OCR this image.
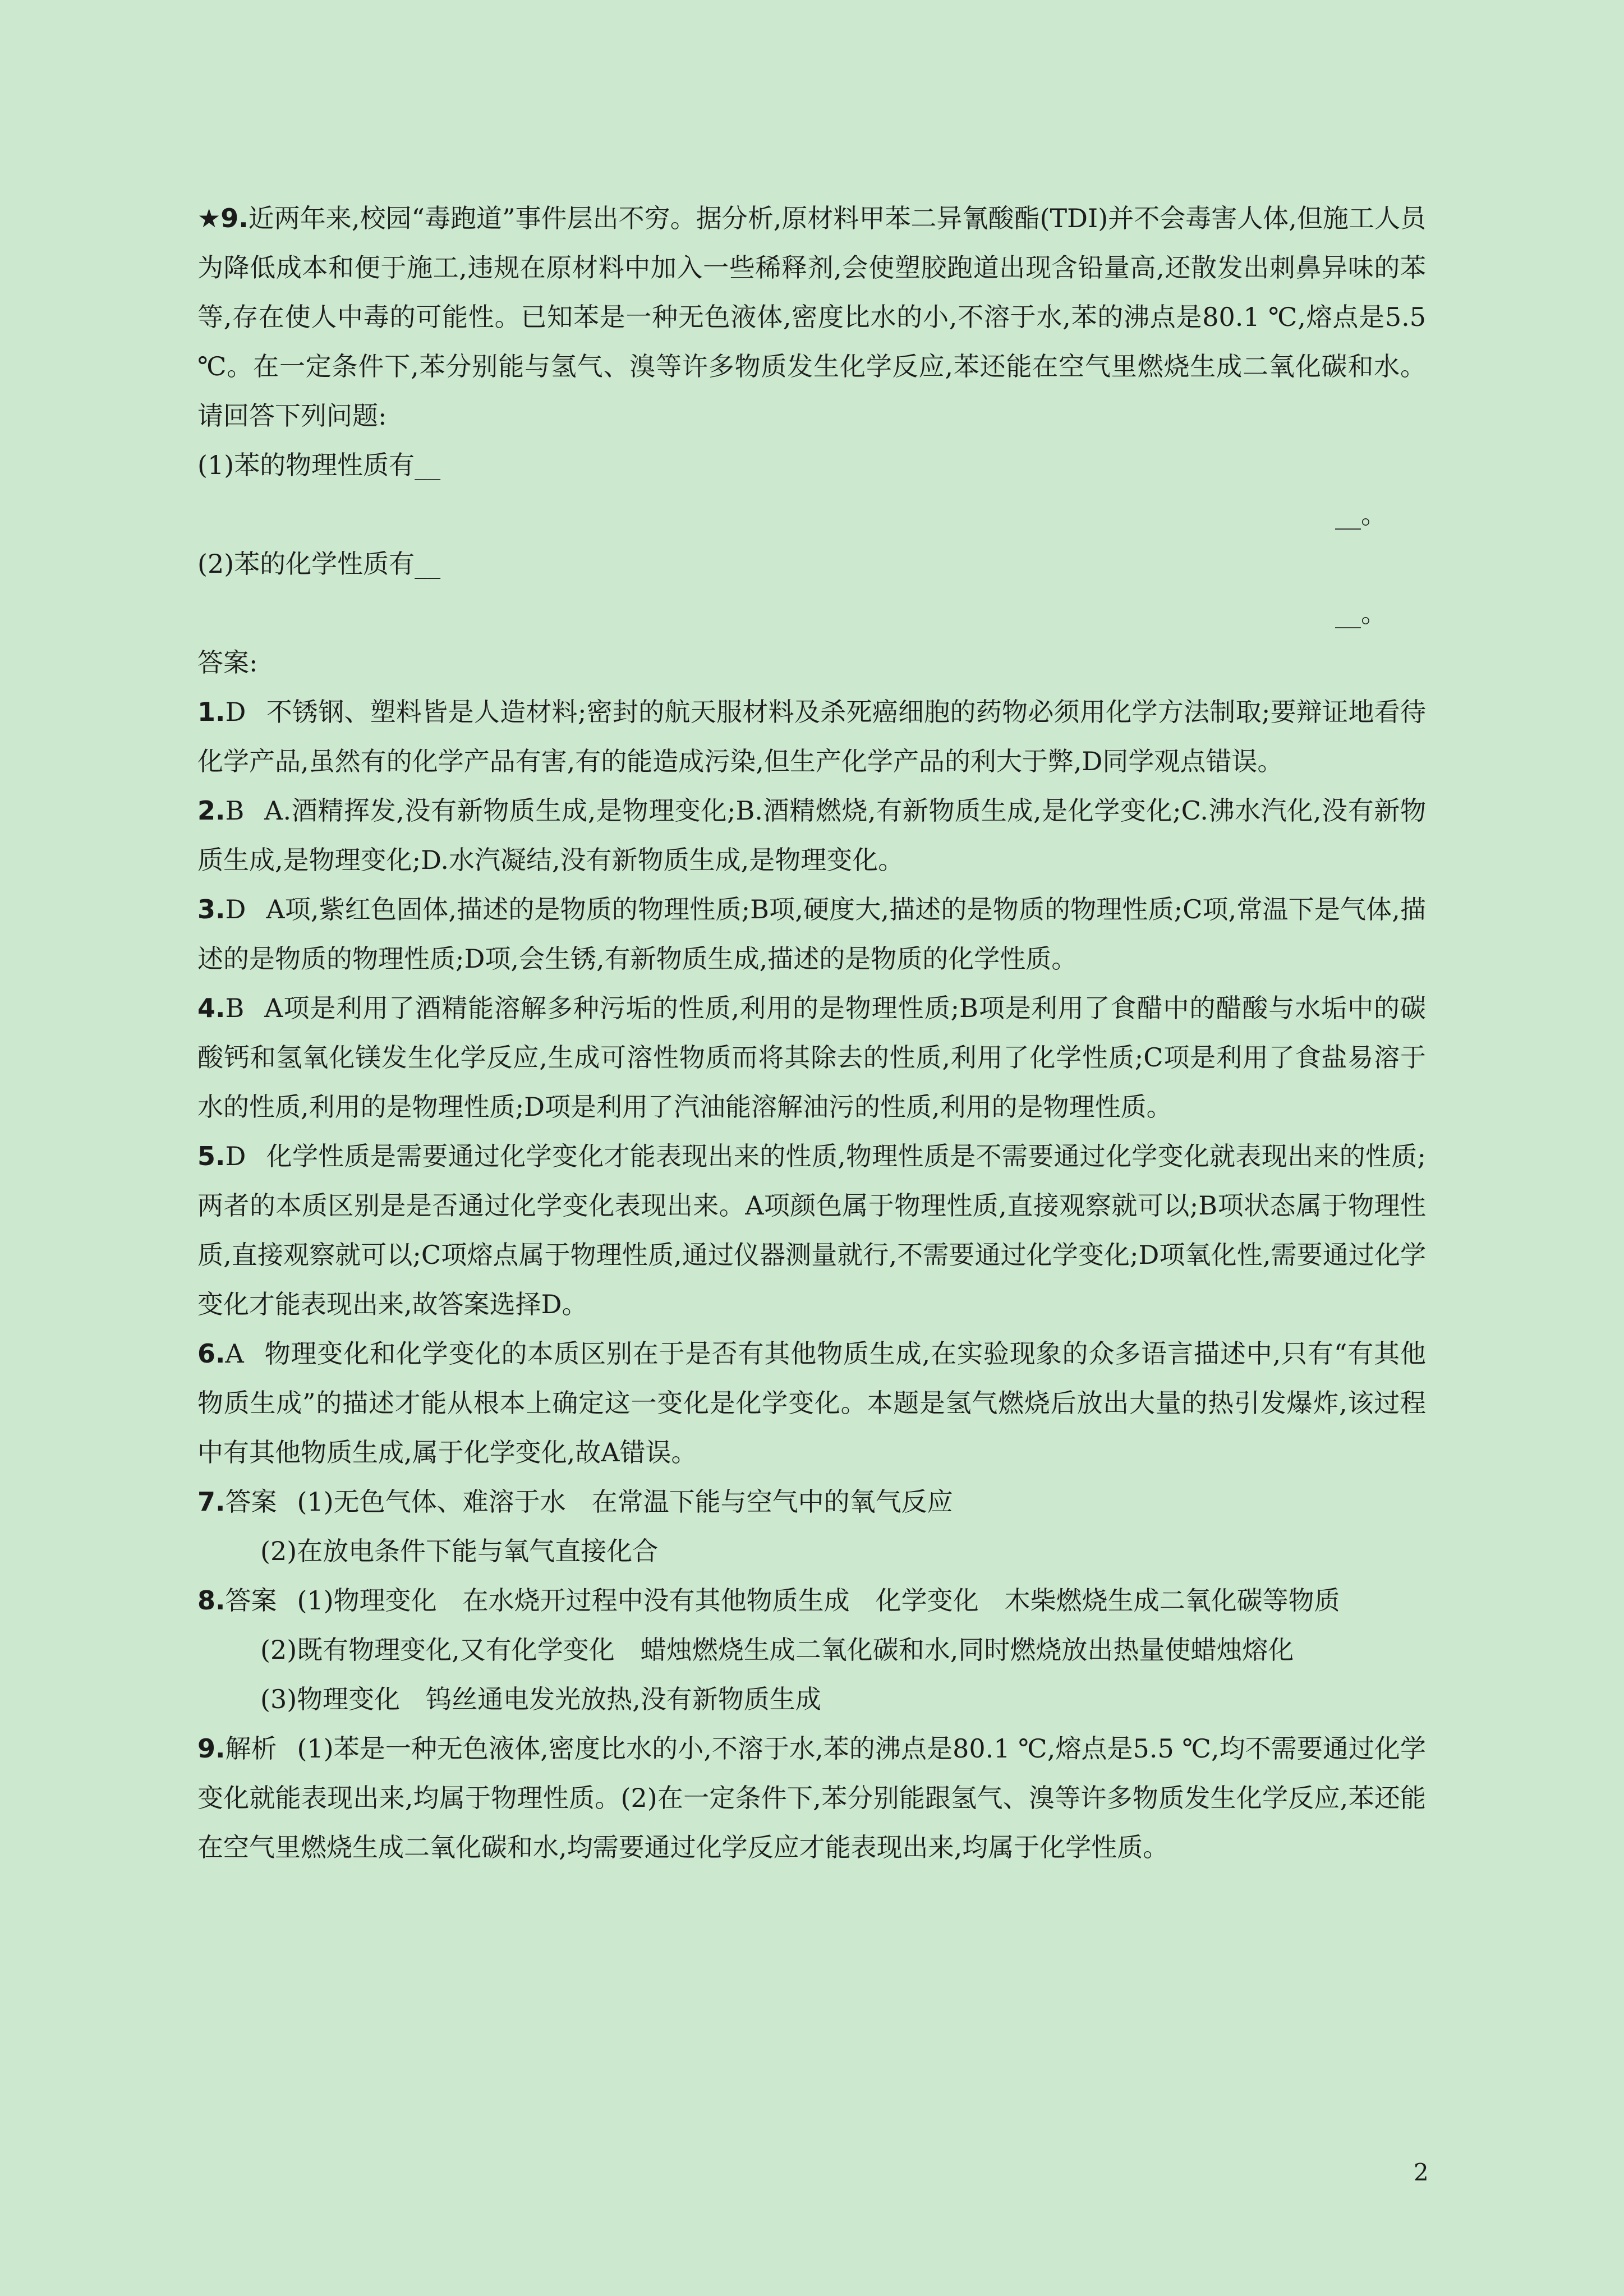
★9.近两年来,校园“毒跑道”事件层出不穷。据分析,原材料甲苯二异氰酸酯(TDI)并不会毒害人体,但施工人员为降低成本和便于施工,违规在原材料中加入一些稀释剂,会使塑胶跑道出现含铅量高,还散发出刺鼻异味的苯等,存在使人中毒的可能性。已知苯是一种无色液体,密度比水的小,不溶于水,苯的沸点是80.1 ℃,熔点是5.5 ℃。在一定条件下,苯分别能与氢气、溴等许多物质发生化学反应,苯还能在空气里燃烧生成二氧化碳和水。请回答下列问题:

(1)苯的物理性质有__

__。

(2)苯的化学性质有__

__。

答案:

1.D 不锈钢、塑料皆是人造材料;密封的航天服材料及杀死癌细胞的药物必须用化学方法制取;要辩证地看待化学产品,虽然有的化学产品有害,有的能造成污染,但生产化学产品的利大于弊,D同学观点错误。

2.B A.酒精挥发,没有新物质生成,是物理变化;B.酒精燃烧,有新物质生成,是化学变化;C.沸水汽化,没有新物质生成,是物理变化;D.水汽凝结,没有新物质生成,是物理变化。

3.D A项,紫红色固体,描述的是物质的物理性质;B项,硬度大,描述的是物质的物理性质;C项,常温下是气体,描述的是物质的物理性质;D项,会生锈,有新物质生成,描述的是物质的化学性质。

4.B A项是利用了酒精能溶解多种污垢的性质,利用的是物理性质;B项是利用了食醋中的醋酸与水垢中的碳酸钙和氢氧化镁发生化学反应,生成可溶性物质而将其除去的性质,利用了化学性质;C项是利用了食盐易溶于水的性质,利用的是物理性质;D项是利用了汽油能溶解油污的性质,利用的是物理性质。

5.D 化学性质是需要通过化学变化才能表现出来的性质,物理性质是不需要通过化学变化就表现出来的性质;两者的本质区别是是否通过化学变化表现出来。A项颜色属于物理性质,直接观察就可以;B项状态属于物理性质,直接观察就可以;C项熔点属于物理性质,通过仪器测量就行,不需要通过化学变化;D项氧化性,需要通过化学变化才能表现出来,故答案选择D。

6.A 物理变化和化学变化的本质区别在于是否有其他物质生成,在实验现象的众多语言描述中,只有“有其他物质生成”的描述才能从根本上确定这一变化是化学变化。本题是氢气燃烧后放出大量的热引发爆炸,该过程中有其他物质生成,属于化学变化,故A错误。

7.答案 (1)无色气体、难溶于水　在常温下能与空气中的氧气反应

(2)在放电条件下能与氧气直接化合

8.答案 (1)物理变化　在水烧开过程中没有其他物质生成　化学变化　木柴燃烧生成二氧化碳等物质

(2)既有物理变化,又有化学变化　蜡烛燃烧生成二氧化碳和水,同时燃烧放出热量使蜡烛熔化

(3)物理变化　钨丝通电发光放热,没有新物质生成

9.解析 (1)苯是一种无色液体,密度比水的小,不溶于水,苯的沸点是80.1 ℃,熔点是5.5 ℃,均不需要通过化学变化就能表现出来,均属于物理性质。(2)在一定条件下,苯分别能跟氢气、溴等许多物质发生化学反应,苯还能在空气里燃烧生成二氧化碳和水,均需要通过化学反应才能表现出来,均属于化学性质。

2
